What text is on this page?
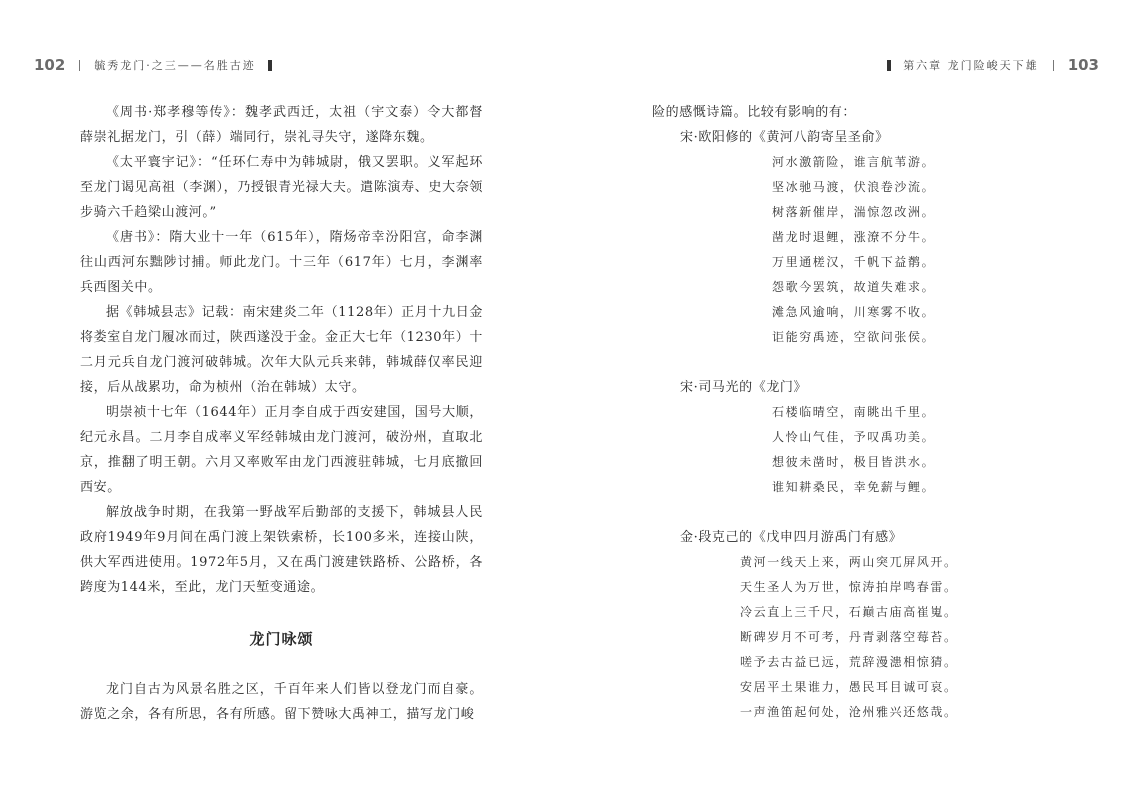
102	毓秀龙门·之三——名胜古迹	第六章 龙门险峻天下雄 103

《周书·郑孝穆等传》：魏孝武西迁，太祖（宇文泰）令大都督薛崇礼据龙门，引（薛）端同行，崇礼寻失守，遂降东魏。

《太平寰宇记》：“任环仁寿中为韩城尉，俄又罢职。义军起环至龙门谒见高祖（李渊），乃授银青光禄大夫。遣陈演寿、史大奈领步骑六千趋梁山渡河。”

《唐书》：隋大业十一年（615年），隋炀帝幸汾阳宫，命李渊往山西河东黜陟讨捕。师此龙门。十三年（617年）七月，李渊率兵西图关中。

据《韩城县志》记载：南宋建炎二年（1128年）正月十九日金将娄室自龙门履冰而过，陕西遂没于金。金正大七年（1230年）十二月元兵自龙门渡河破韩城。次年大队元兵来韩，韩城薛仅率民迎接，后从战累功，命为桢州（治在韩城）太守。

明崇祯十七年（1644年）正月李自成于西安建国，国号大顺，纪元永昌。二月李自成率义军经韩城由龙门渡河，破汾州，直取北京，推翻了明王朝。六月又率败军由龙门西渡驻韩城，七月底撤回西安。

解放战争时期，在我第一野战军后勤部的支援下，韩城县人民政府1949年9月间在禹门渡上架铁索桥，长100多米，连接山陕，供大军西进使用。1972年5月，又在禹门渡建铁路桥、公路桥，各跨度为144米，至此，龙门天堑变通途。

龙门咏颂

龙门自古为风景名胜之区，千百年来人们皆以登龙门而自豪。游览之余，各有所思，各有所感。留下赞咏大禹神工，描写龙门峻

险的感慨诗篇。比较有影响的有：

宋·欧阳修的《黄河八韵寄呈圣俞》

河水激箭险，谁言航苇游。

坚冰驰马渡，伏浪卷沙流。

树落新催岸，湍惊忽改洲。

凿龙时退鲤，涨潦不分牛。

万里通槎汉，千帆下益鹡。

怨歌今罢筑，故道失难求。

滩急风逾响，川寒雾不收。

讵能穷禹迹，空欲问张侯。

宋·司马光的《龙门》

石楼临晴空，南眺出千里。

人怜山气佳，予叹禹功美。

想彼未凿时，极目皆洪水。

谁知耕桑民，幸免薪与鲤。

金·段克己的《戊申四月游禹门有感》

黄河一线天上来，两山突兀屏风开。

天生圣人为万世，惊涛拍岸鸣春雷。

冷云直上三千尺，石巅古庙高崔嵬。

断碑岁月不可考，丹青剥落空莓苔。

嗟予去古益已远，荒辞漫漶相惊猜。

安居平土果谁力，愚民耳目诚可哀。

一声渔笛起何处，沧州雅兴还悠哉。
